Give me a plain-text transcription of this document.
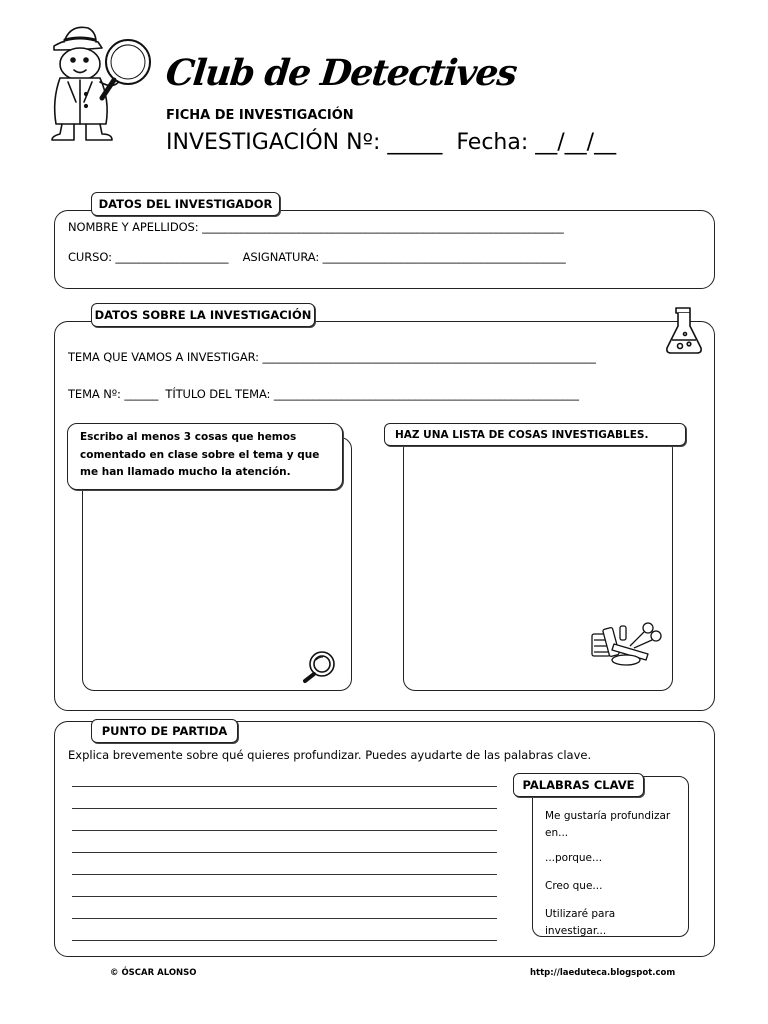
Club de Detectives
FICHA DE INVESTIGACIÓN
INVESTIGACIÓN Nº: _____  Fecha: __/__/__
DATOS DEL INVESTIGADOR
NOMBRE Y APELLIDOS: ________________________________________________________________
CURSO: ____________________    ASIGNATURA: ___________________________________________
DATOS SOBRE LA INVESTIGACIÓN
TEMA QUE VAMOS A INVESTIGAR: ___________________________________________________________
TEMA Nº: ______  TÍTULO DEL TEMA: ______________________________________________________
Escribo al menos 3 cosas que hemos comentado en clase sobre el tema y que me han llamado mucho la atención.
HAZ UNA LISTA DE COSAS INVESTIGABLES.
PUNTO DE PARTIDA
Explica brevemente sobre qué quieres profundizar. Puedes ayudarte de las palabras clave.
PALABRAS CLAVE
Me gustaría profundizar en...
...porque...
Creo que...
Utilizaré para investigar...
© ÓSCAR ALONSO	http://laeduteca.blogspot.com
